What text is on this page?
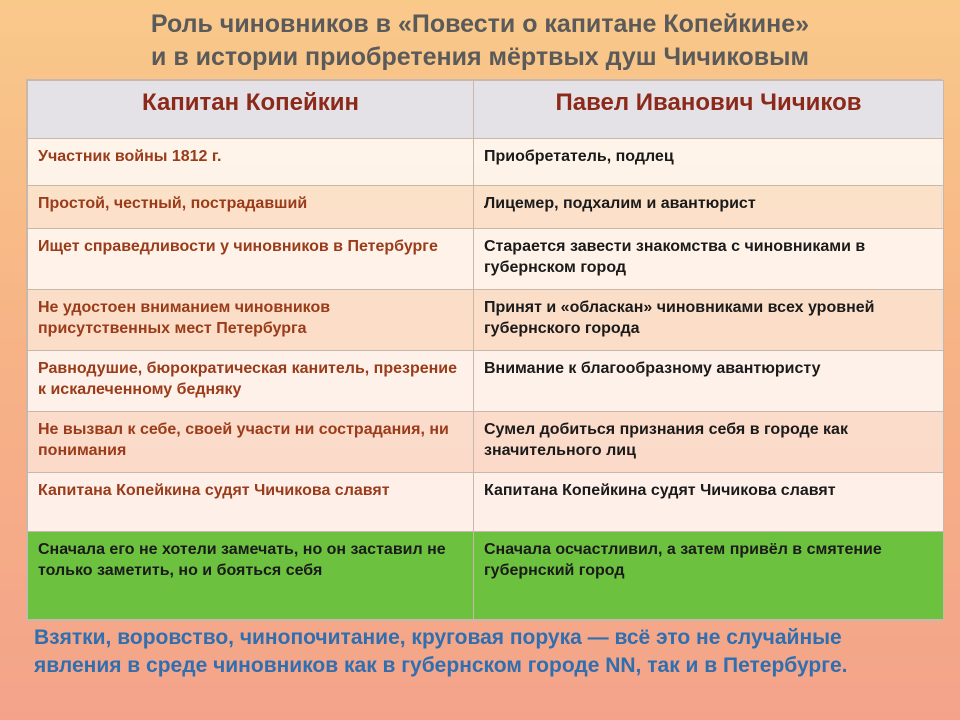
Роль чиновников в «Повести о капитане Копейкине»
и в истории приобретения мёртвых душ Чичиковым
Капитан Копейкин	Павел Иванович Чичиков
Участник войны 1812 г.	Приобретатель, подлец
Простой, честный, пострадавший	Лицемер, подхалим и авантюрист
Ищет справедливости у чиновников в Петербурге	Старается завести знакомства с чиновниками в губернском город
Не удостоен вниманием чиновников присутственных мест Петербурга	Принят и «обласкан» чиновниками всех уровней губернского города
Равнодушие, бюрократическая канитель, презрение к искалеченному бедняку	Внимание к благообразному авантюристу
Не вызвал к себе, своей участи ни сострадания, ни понимания	Сумел добиться признания себя в городе как значительного лиц
Капитана Копейкина судят Чичикова славят	Капитана Копейкина судят Чичикова славят
Сначала его не хотели замечать, но он заставил не только заметить, но и бояться себя	Сначала осчастливил, а затем привёл в смятение губернский город
Взятки, воровство, чинопочитание, круговая порука — всё это не случайные явления в среде чиновников как в губернском городе NN, так и в Петербурге.
